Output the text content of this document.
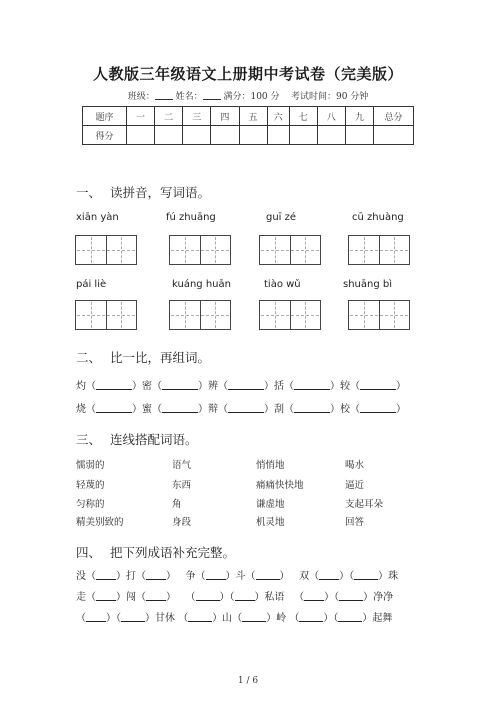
人教版三年级语文上册期中考试卷（完美版）
班级： 姓名： 满分：100 分 考试时间：90 分钟
题序	一	二	三	四	五	六	七	八	九	总分
得分										
一、 读拼音，写词语。
xiān yàn	fú zhuāng	guī zé	cū zhuàng
pái liè	kuáng huān	tiào wǔ	shuāng bì
二、 比一比，再组词。
灼（	）密（	）辨（	）括（	）较（	）
烧（	）蜜（	）辩（	）刮（	）校（	）
三、 连线搭配词语。
懦弱的	语气	悄悄地	喝水
轻蔑的	东西	痛痛快快地	逼近
匀称的	角	谦虚地	支起耳朵
精美别致的	身段	机灵地	回答
四、 把下列成语补充完整。
没（ ）打（ ） 争（ ）斗（ ） 双（ ）（ ）珠
走（ ）闯（ ） （ ）（ ）私语 （ ）（ ）净净
（ ）（ ）甘休 （ ）山（ ）岭 （ ）（ ）起舞
1 / 6
